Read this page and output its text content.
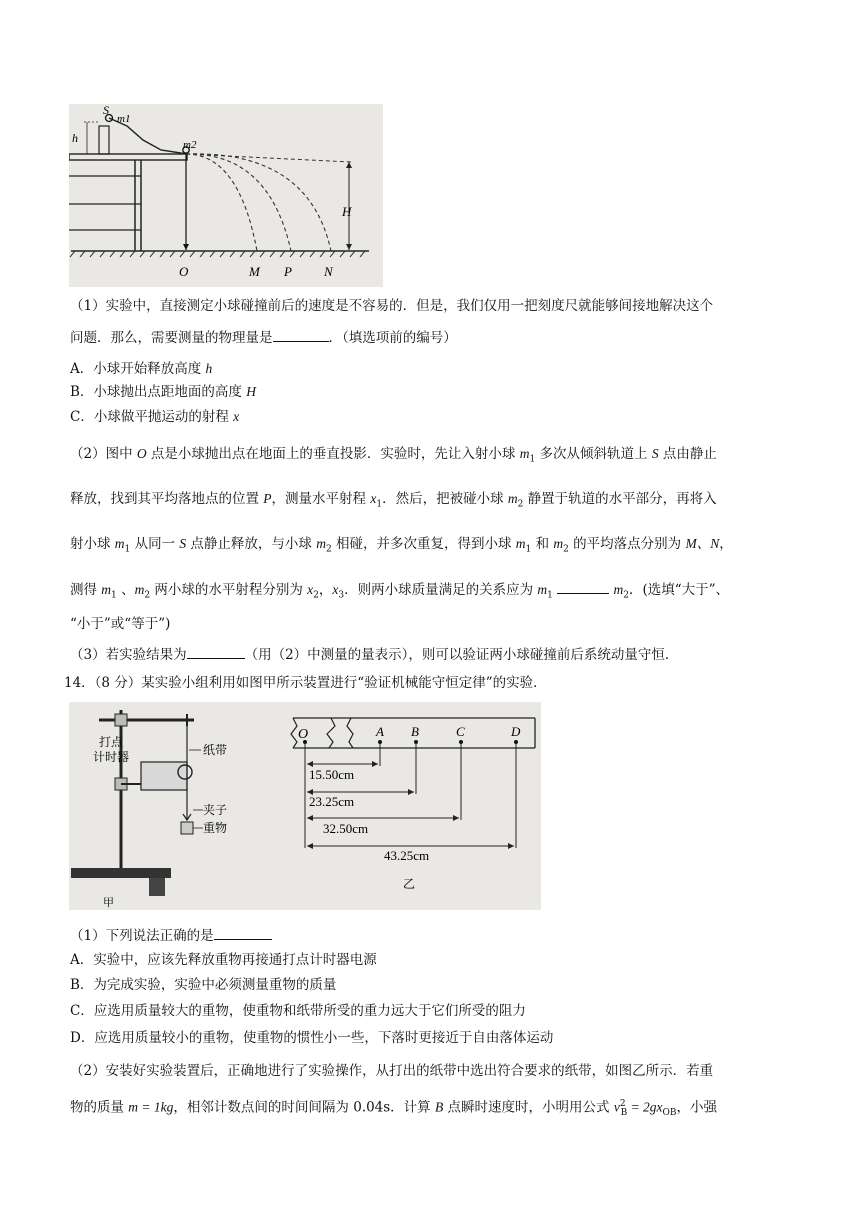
S
m1
h	m2
H
O	M P N
（1）实验中，直接测定小球碰撞前后的速度是不容易的．但是，我们仅用一把刻度尺就能够间接地解决这个
问题．那么，需要测量的物理量是	．（填选项前的编号）
A．小球开始释放高度 h
B．小球抛出点距地面的高度 H
C．小球做平抛运动的射程 x
（2）图中 O 点是小球抛出点在地面上的垂直投影．实验时，先让入射小球 $m_1$ 多次从倾斜轨道上 S 点由静止
释放，找到其平均落地点的位置 P，测量水平射程 $x_1$．然后，把被碰小球 $m_2$ 静置于轨道的水平部分，再将入
射小球 $m_1$ 从同一 S 点静止释放，与小球 $m_2$ 相碰，并多次重复，得到小球 $m_1$ 和 $m_2$ 的平均落点分别为 M、N，
测得 $m_1$ 、$m_2$ 两小球的水平射程分别为 $x_2$，$x_3$．则两小球质量满足的关系应为 $m_1$	$m_2$．(选填“大于”、
“小于”或“等于”)
（3）若实验结果为	（用（2）中测量的量表示），则可以验证两小球碰撞前后系统动量守恒．
14．（8 分）某实验小组利用如图甲所示装置进行“验证机械能守恒定律”的实验．
打点
计时器	纸带
夹子
重物
甲
O	A B	C	D
15.50cm
23.25cm
32.50cm
43.25cm
乙
（1）下列说法正确的是
A．实验中，应该先释放重物再接通打点计时器电源
B．为完成实验，实验中必须测量重物的质量
C．应选用质量较大的重物，使重物和纸带所受的重力远大于它们所受的阻力
D．应选用质量较小的重物，使重物的惯性小一些，下落时更接近于自由落体运动
（2）安装好实验装置后，正确地进行了实验操作，从打出的纸带中选出符合要求的纸带，如图乙所示．若重
物的质量 m = 1kg，相邻计数点间的时间间隔为 0.04s．计算 B 点瞬时速度时，小明用公式 $v^2_B = 2gx_{OB}$，小强
